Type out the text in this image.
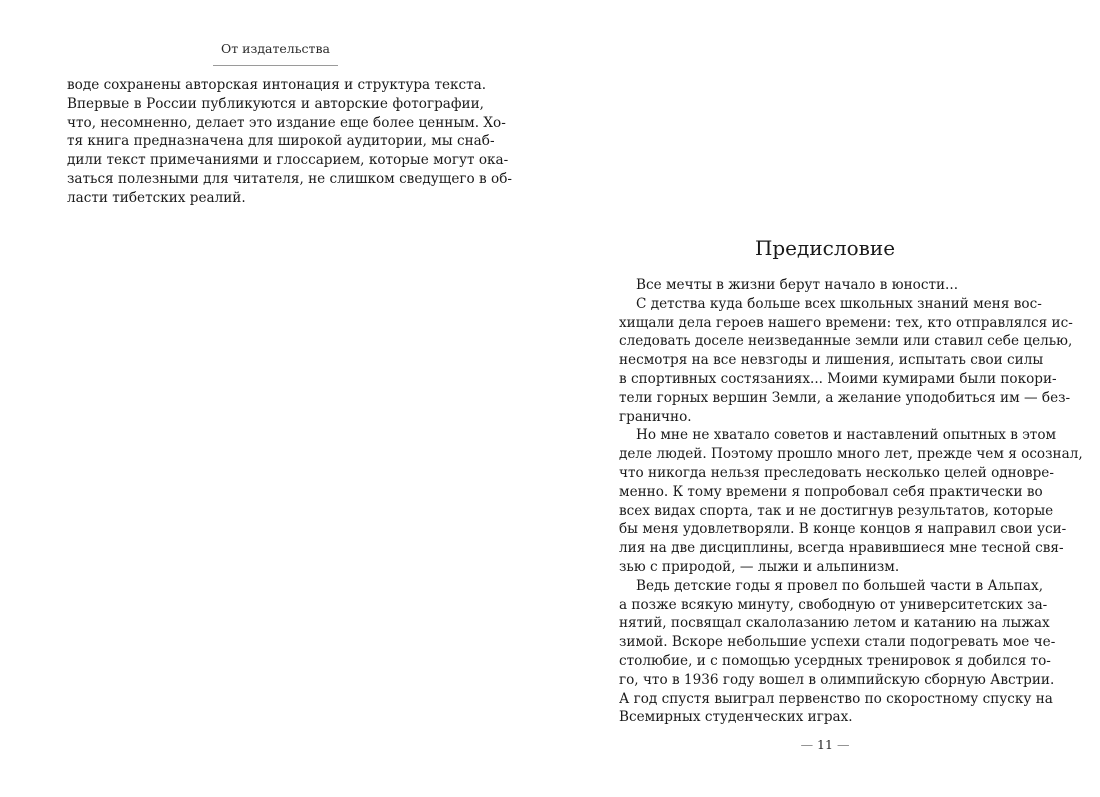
От издательства

воде сохранены авторская интонация и структура текста.
Впервые в России публикуются и авторские фотографии,
что, несомненно, делает это издание еще более ценным. Хо-
тя книга предназначена для широкой аудитории, мы снаб-
дили текст примечаниями и глоссарием, которые могут ока-
заться полезными для читателя, не слишком сведущего в об-
ласти тибетских реалий.

Предисловие

Все мечты в жизни берут начало в юности...

С детства куда больше всех школьных знаний меня вос-
хищали дела героев нашего времени: тех, кто отправлялся ис-
следовать доселе неизведанные земли или ставил себе целью,
несмотря на все невзгоды и лишения, испытать свои силы
в спортивных состязаниях... Моими кумирами были покори-
тели горных вершин Земли, а желание уподобиться им — без-
гранично.

Но мне не хватало советов и наставлений опытных в этом
деле людей. Поэтому прошло много лет, прежде чем я осознал,
что никогда нельзя преследовать несколько целей одновре-
менно. К тому времени я попробовал себя практически во
всех видах спорта, так и не достигнув результатов, которые
бы меня удовлетворяли. В конце концов я направил свои уси-
лия на две дисциплины, всегда нравившиеся мне тесной свя-
зью с природой, — лыжи и альпинизм.

Ведь детские годы я провел по большей части в Альпах,
а позже всякую минуту, свободную от университетских за-
нятий, посвящал скалолазанию летом и катанию на лыжах
зимой. Вскоре небольшие успехи стали подогревать мое че-
столюбие, и с помощью усердных тренировок я добился то-
го, что в 1936 году вошел в олимпийскую сборную Австрии.
А год спустя выиграл первенство по скоростному спуску на
Всемирных студенческих играх.

— 11 —
